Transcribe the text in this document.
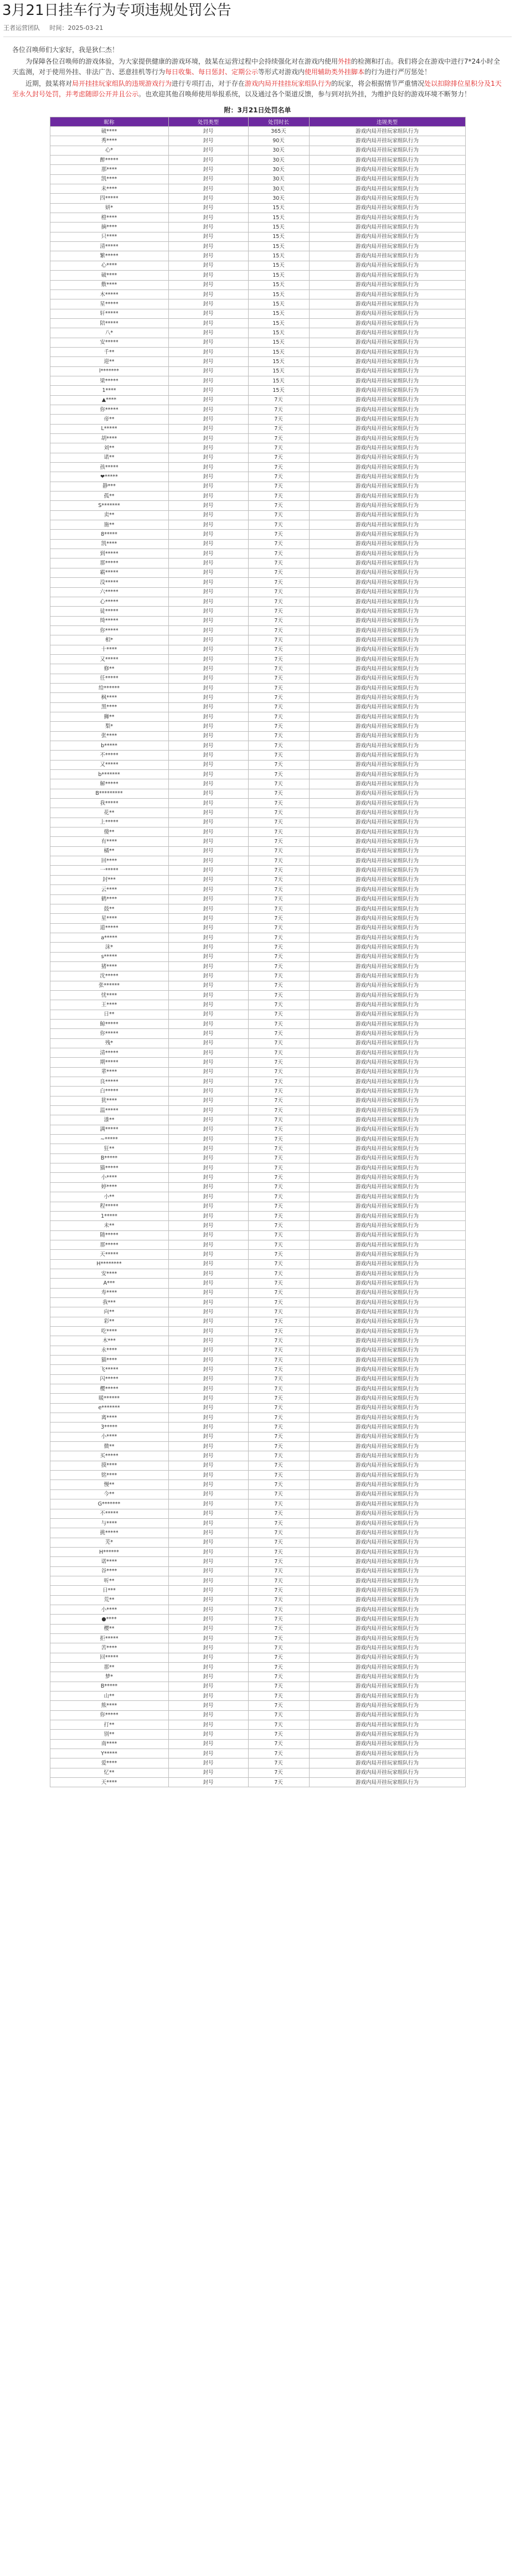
3月21日挂车行为专项违规处罚公告
王者运营团队 时间：2025-03-21

各位召唤师们大家好，我是狄仁杰！

为保障各位召唤师的游戏体验，为大家提供健康的游戏环境，鼓某在运营过程中会持续强化对在游戏内使用外挂的检测和打击。我们将会在游戏中进行7*24小时全天监测，对于使用外挂、非法广告、恶意挂机等行为每日收集、每日惩封、定期公示等形式对游戏内使用辅助类外挂脚本的行为进行严厉惩处！

近期，鼓某将对局开挂挂玩家组队的违规游戏行为进行专项打击，对于存在游戏内局开挂挂玩家组队行为的玩家，将会根据情节严重情况处以扣除排位星积分及1天至永久封号处罚，并考虑随即公开并且公示。也欢迎其他召唤师使用举报系统，以及通过各个渠道反馈，参与到对抗外挂，为维护良好的游戏环境不断努力！

附：3月21日处罚名单
昵称	处罚类型	处罚时长	违规类型
破****	封号	365天	游戏内局开挂玩家组队行为
秀****	封号	90天	游戏内局开挂玩家组队行为
心*	封号	30天	游戏内局开挂玩家组队行为
醉*****	封号	30天	游戏内局开挂玩家组队行为
那****	封号	30天	游戏内局开挂玩家组队行为
凯****	封号	30天	游戏内局开挂玩家组队行为
未****	封号	30天	游戏内局开挂玩家组队行为
四*****	封号	30天	游戏内局开挂玩家组队行为
妍*	封号	15天	游戏内局开挂玩家组队行为
橙****	封号	15天	游戏内局开挂玩家组队行为
摘****	封号	15天	游戏内局开挂玩家组队行为
只****	封号	15天	游戏内局开挂玩家组队行为
清*****	封号	15天	游戏内局开挂玩家组队行为
繁*****	封号	15天	游戏内局开挂玩家组队行为
心****	封号	15天	游戏内局开挂玩家组队行为
破****	封号	15天	游戏内局开挂玩家组队行为
敷****	封号	15天	游戏内局开挂玩家组队行为
木*****	封号	15天	游戏内局开挂玩家组队行为
星*****	封号	15天	游戏内局开挂玩家组队行为
轩*****	封号	15天	游戏内局开挂玩家组队行为
陪*****	封号	15天	游戏内局开挂玩家组队行为
八*	封号	15天	游戏内局开挂玩家组队行为
安*****	封号	15天	游戏内局开挂玩家组队行为
千**	封号	15天	游戏内局开挂玩家组队行为
迎**	封号	15天	游戏内局开挂玩家组队行为
l*******	封号	15天	游戏内局开挂玩家组队行为
梁*****	封号	15天	游戏内局开挂玩家组队行为
1****	封号	15天	游戏内局开挂玩家组队行为
▲****	封号	7天	游戏内局开挂玩家组队行为
你*****	封号	7天	游戏内局开挂玩家组队行为
帝**	封号	7天	游戏内局开挂玩家组队行为
L*****	封号	7天	游戏内局开挂玩家组队行为
胡****	封号	7天	游戏内局开挂玩家组队行为
刘**	封号	7天	游戏内局开挂玩家组队行为
诺**	封号	7天	游戏内局开挂玩家组队行为
孩*****	封号	7天	游戏内局开挂玩家组队行为
❤*****	封号	7天	游戏内局开挂玩家组队行为
静***	封号	7天	游戏内局开挂玩家组队行为
孤**	封号	7天	游戏内局开挂玩家组队行为
S*******	封号	7天	游戏内局开挂玩家组队行为
卖**	封号	7天	游戏内局开挂玩家组队行为
施**	封号	7天	游戏内局开挂玩家组队行为
8*****	封号	7天	游戏内局开挂玩家组队行为
凯****	封号	7天	游戏内局开挂玩家组队行为
到*****	封号	7天	游戏内局开挂玩家组队行为
那*****	封号	7天	游戏内局开挂玩家组队行为
霸*****	封号	7天	游戏内局开挂玩家组队行为
没*****	封号	7天	游戏内局开挂玩家组队行为
六*****	封号	7天	游戏内局开挂玩家组队行为
心*****	封号	7天	游戏内局开挂玩家组队行为
徒*****	封号	7天	游戏内局开挂玩家组队行为
绮*****	封号	7天	游戏内局开挂玩家组队行为
你*****	封号	7天	游戏内局开挂玩家组队行为
相*	封号	7天	游戏内局开挂玩家组队行为
十****	封号	7天	游戏内局开挂玩家组队行为
又*****	封号	7天	游戏内局开挂玩家组队行为
修**	封号	7天	游戏内局开挂玩家组队行为
任*****	封号	7天	游戏内局开挂玩家组队行为
给******	封号	7天	游戏内局开挂玩家组队行为
枫****	封号	7天	游戏内局开挂玩家组队行为
黑****	封号	7天	游戏内局开挂玩家组队行为
狮**	封号	7天	游戏内局开挂玩家组队行为
梨*	封号	7天	游戏内局开挂玩家组队行为
张****	封号	7天	游戏内局开挂玩家组队行为
b*****	封号	7天	游戏内局开挂玩家组队行为
不*****	封号	7天	游戏内局开挂玩家组队行为
又*****	封号	7天	游戏内局开挂玩家组队行为
b*******	封号	7天	游戏内局开挂玩家组队行为
解*****	封号	7天	游戏内局开挂玩家组队行为
B*********	封号	7天	游戏内局开挂玩家组队行为
我*****	封号	7天	游戏内局开挂玩家组队行为
花**	封号	7天	游戏内局开挂玩家组队行为
上*****	封号	7天	游戏内局开挂玩家组队行为
傻**	封号	7天	游戏内局开挂玩家组队行为
有****	封号	7天	游戏内局开挂玩家组队行为
橘**	封号	7天	游戏内局开挂玩家组队行为
回****	封号	7天	游戏内局开挂玩家组队行为
一*****	封号	7天	游戏内局开挂玩家组队行为
封***	封号	7天	游戏内局开挂玩家组队行为
云****	封号	7天	游戏内局开挂玩家组队行为
鹤****	封号	7天	游戏内局开挂玩家组队行为
鼓**	封号	7天	游戏内局开挂玩家组队行为
星****	封号	7天	游戏内局开挂玩家组队行为
道*****	封号	7天	游戏内局开挂玩家组队行为
a*****	封号	7天	游戏内局开挂玩家组队行为
沫*	封号	7天	游戏内局开挂玩家组队行为
s*****	封号	7天	游戏内局开挂玩家组队行为
猪****	封号	7天	游戏内局开挂玩家组队行为
沈*****	封号	7天	游戏内局开挂玩家组队行为
张******	封号	7天	游戏内局开挂玩家组队行为
忧****	封号	7天	游戏内局开挂玩家组队行为
王****	封号	7天	游戏内局开挂玩家组队行为
日**	封号	7天	游戏内局开挂玩家组队行为
鲸*****	封号	7天	游戏内局开挂玩家组队行为
你*****	封号	7天	游戏内局开挂玩家组队行为
残*	封号	7天	游戏内局开挂玩家组队行为
清*****	封号	7天	游戏内局开挂玩家组队行为
期*****	封号	7天	游戏内局开挂玩家组队行为
辈****	封号	7天	游戏内局开挂玩家组队行为
良*****	封号	7天	游戏内局开挂玩家组队行为
白*****	封号	7天	游戏内局开挂玩家组队行为
犹****	封号	7天	游戏内局开挂玩家组队行为
温*****	封号	7天	游戏内局开挂玩家组队行为
漆**	封号	7天	游戏内局开挂玩家组队行为
满*****	封号	7天	游戏内局开挂玩家组队行为
~*****	封号	7天	游戏内局开挂玩家组队行为
狂**	封号	7天	游戏内局开挂玩家组队行为
B*****	封号	7天	游戏内局开挂玩家组队行为
猫*****	封号	7天	游戏内局开挂玩家组队行为
小****	封号	7天	游戏内局开挂玩家组队行为
婷****	封号	7天	游戏内局开挂玩家组队行为
小**	封号	7天	游戏内局开挂玩家组队行为
程*****	封号	7天	游戏内局开挂玩家组队行为
1*****	封号	7天	游戏内局开挂玩家组队行为
未**	封号	7天	游戏内局开挂玩家组队行为
随*****	封号	7天	游戏内局开挂玩家组队行为
那*****	封号	7天	游戏内局开挂玩家组队行为
天*****	封号	7天	游戏内局开挂玩家组队行为
H********	封号	7天	游戏内局开挂玩家组队行为
安****	封号	7天	游戏内局开挂玩家组队行为
A***	封号	7天	游戏内局开挂玩家组队行为
寿****	封号	7天	游戏内局开挂玩家组队行为
我***	封号	7天	游戏内局开挂玩家组队行为
向**	封号	7天	游戏内局开挂玩家组队行为
彩**	封号	7天	游戏内局开挂玩家组队行为
吃****	封号	7天	游戏内局开挂玩家组队行为
木***	封号	7天	游戏内局开挂玩家组队行为
永****	封号	7天	游戏内局开挂玩家组队行为
猫****	封号	7天	游戏内局开挂玩家组队行为
飞*****	封号	7天	游戏内局开挂玩家组队行为
闪*****	封号	7天	游戏内局开挂玩家组队行为
樱*****	封号	7天	游戏内局开挂玩家组队行为
暖******	封号	7天	游戏内局开挂玩家组队行为
e*******	封号	7天	游戏内局开挂玩家组队行为
离****	封号	7天	游戏内局开挂玩家组队行为
3*****	封号	7天	游戏内局开挂玩家组队行为
小****	封号	7天	游戏内局开挂玩家组队行为
微**	封号	7天	游戏内局开挂玩家组队行为
买*****	封号	7天	游戏内局开挂玩家组队行为
摸****	封号	7天	游戏内局开挂玩家组队行为
铭****	封号	7天	游戏内局开挂玩家组队行为
慢**	封号	7天	游戏内局开挂玩家组队行为
今**	封号	7天	游戏内局开挂玩家组队行为
G*******	封号	7天	游戏内局开挂玩家组队行为
不*****	封号	7天	游戏内局开挂玩家组队行为
与****	封号	7天	游戏内局开挂玩家组队行为
挑*****	封号	7天	游戏内局开挂玩家组队行为
芜*	封号	7天	游戏内局开挂玩家组队行为
H******	封号	7天	游戏内局开挂玩家组队行为
诺****	封号	7天	游戏内局开挂玩家组队行为
谷****	封号	7天	游戏内局开挂玩家组队行为
听**	封号	7天	游戏内局开挂玩家组队行为
日***	封号	7天	游戏内局开挂玩家组队行为
荒**	封号	7天	游戏内局开挂玩家组队行为
小****	封号	7天	游戏内局开挂玩家组队行为
●****	封号	7天	游戏内局开挂玩家组队行为
樱**	封号	7天	游戏内局开挂玩家组队行为
拒*****	封号	7天	游戏内局开挂玩家组队行为
苦****	封号	7天	游戏内局开挂玩家组队行为
回*****	封号	7天	游戏内局开挂玩家组队行为
那**	封号	7天	游戏内局开挂玩家组队行为
梦*	封号	7天	游戏内局开挂玩家组队行为
B*****	封号	7天	游戏内局开挂玩家组队行为
山**	封号	7天	游戏内局开挂玩家组队行为
熊****	封号	7天	游戏内局开挂玩家组队行为
你*****	封号	7天	游戏内局开挂玩家组队行为
打**	封号	7天	游戏内局开挂玩家组队行为
别**	封号	7天	游戏内局开挂玩家组队行为
南****	封号	7天	游戏内局开挂玩家组队行为
Y*****	封号	7天	游戏内局开挂玩家组队行为
爱****	封号	7天	游戏内局开挂玩家组队行为
忆**	封号	7天	游戏内局开挂玩家组队行为
天****	封号	7天	游戏内局开挂玩家组队行为
